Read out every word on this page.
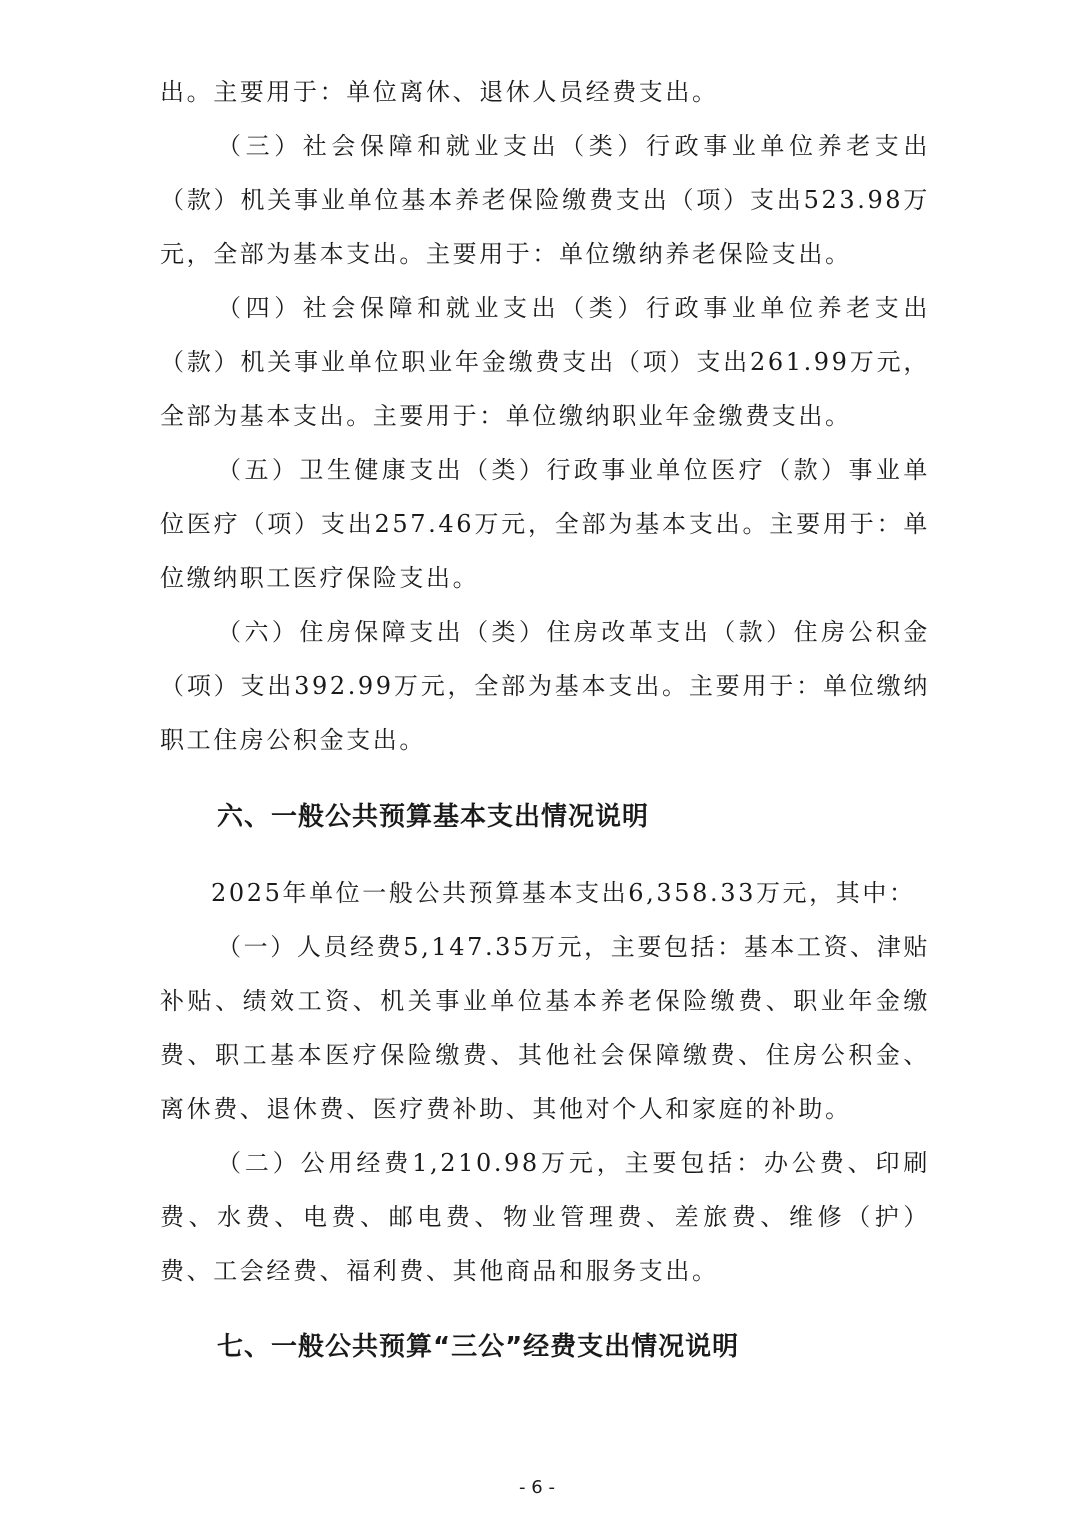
出。主要用于：单位离休、退休人员经费支出。
（三）社会保障和就业支出（类）行政事业单位养老支出
（款）机关事业单位基本养老保险缴费支出（项）支出523.98万
元，全部为基本支出。主要用于：单位缴纳养老保险支出。
（四）社会保障和就业支出（类）行政事业单位养老支出
（款）机关事业单位职业年金缴费支出（项）支出261.99万元，
全部为基本支出。主要用于：单位缴纳职业年金缴费支出。
（五）卫生健康支出（类）行政事业单位医疗（款）事业单
位医疗（项）支出257.46万元，全部为基本支出。主要用于：单
位缴纳职工医疗保险支出。
（六）住房保障支出（类）住房改革支出（款）住房公积金
（项）支出392.99万元，全部为基本支出。主要用于：单位缴纳
职工住房公积金支出。
六、一般公共预算基本支出情况说明
2025年单位一般公共预算基本支出6,358.33万元，其中：
（一）人员经费5,147.35万元，主要包括：基本工资、津贴
补贴、绩效工资、机关事业单位基本养老保险缴费、职业年金缴
费、职工基本医疗保险缴费、其他社会保障缴费、住房公积金、
离休费、退休费、医疗费补助、其他对个人和家庭的补助。
（二）公用经费1,210.98万元，主要包括：办公费、印刷
费、水费、电费、邮电费、物业管理费、差旅费、维修（护）
费、工会经费、福利费、其他商品和服务支出。
七、一般公共预算“三公”经费支出情况说明
- 6 -
